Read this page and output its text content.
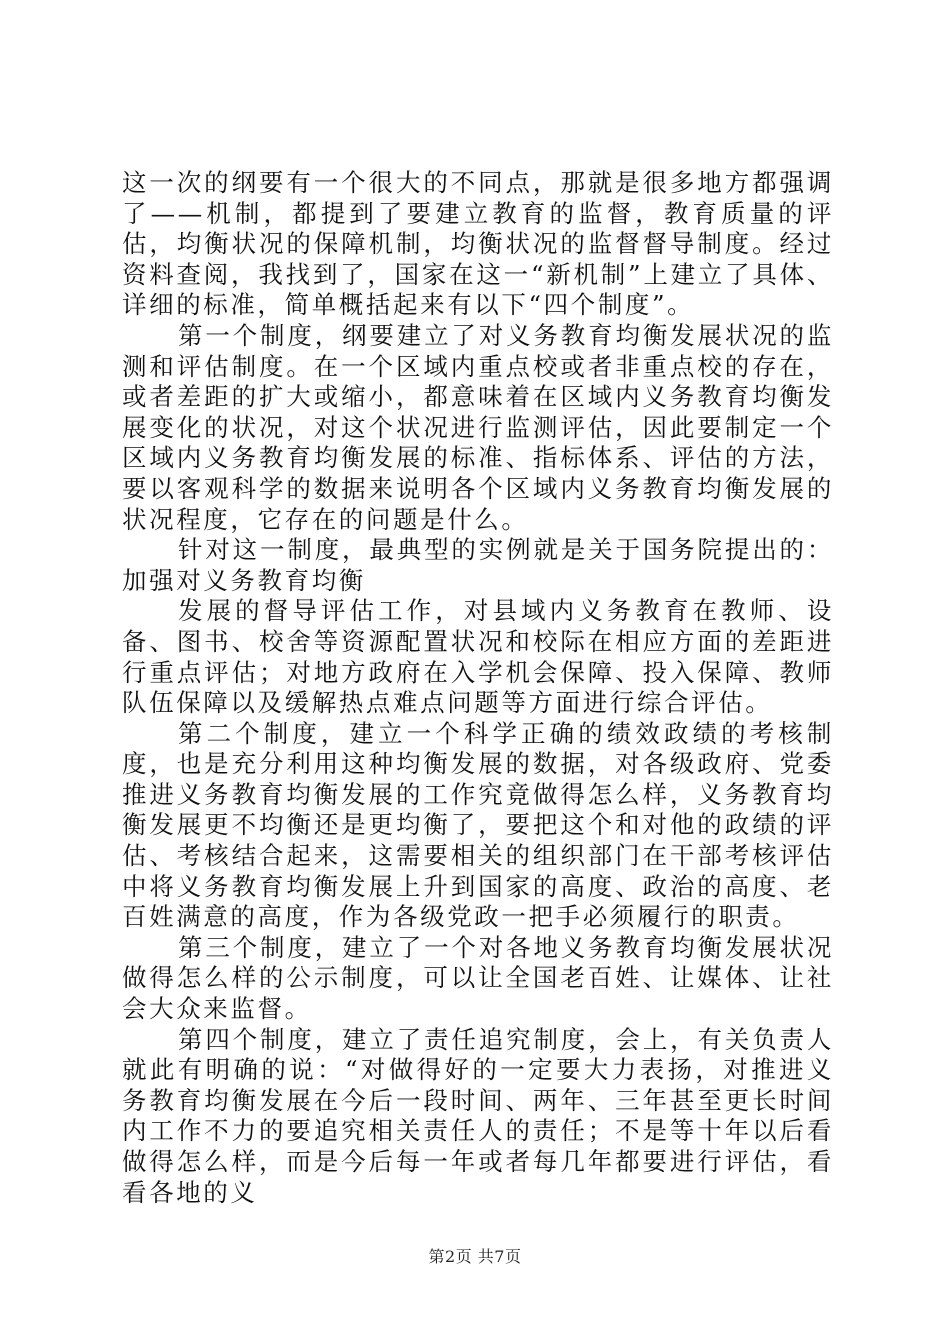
这一次的纲要有一个很大的不同点，那就是很多地方都强调了——机制，都提到了要建立教育的监督，教育质量的评估，均衡状况的保障机制，均衡状况的监督督导制度。经过资料查阅，我找到了，国家在这一“新机制”上建立了具体、详细的标准，简单概括起来有以下“四个制度”。

第一个制度，纲要建立了对义务教育均衡发展状况的监测和评估制度。在一个区域内重点校或者非重点校的存在，或者差距的扩大或缩小，都意味着在区域内义务教育均衡发展变化的状况，对这个状况进行监测评估，因此要制定一个区域内义务教育均衡发展的标准、指标体系、评估的方法，要以客观科学的数据来说明各个区域内义务教育均衡发展的状况程度，它存在的问题是什么。

针对这一制度，最典型的实例就是关于国务院提出的：加强对义务教育均衡

发展的督导评估工作，对县域内义务教育在教师、设备、图书、校舍等资源配置状况和校际在相应方面的差距进行重点评估；对地方政府在入学机会保障、投入保障、教师队伍保障以及缓解热点难点问题等方面进行综合评估。

第二个制度，建立一个科学正确的绩效政绩的考核制度，也是充分利用这种均衡发展的数据，对各级政府、党委推进义务教育均衡发展的工作究竟做得怎么样，义务教育均衡发展更不均衡还是更均衡了，要把这个和对他的政绩的评估、考核结合起来，这需要相关的组织部门在干部考核评估中将义务教育均衡发展上升到国家的高度、政治的高度、老百姓满意的高度，作为各级党政一把手必须履行的职责。

第三个制度，建立了一个对各地义务教育均衡发展状况做得怎么样的公示制度，可以让全国老百姓、让媒体、让社会大众来监督。

第四个制度，建立了责任追究制度，会上，有关负责人就此有明确的说：“对做得好的一定要大力表扬，对推进义务教育均衡发展在今后一段时间、两年、三年甚至更长时间内工作不力的要追究相关责任人的责任；不是等十年以后看做得怎么样，而是今后每一年或者每几年都要进行评估，看看各地的义

第2页 共7页
